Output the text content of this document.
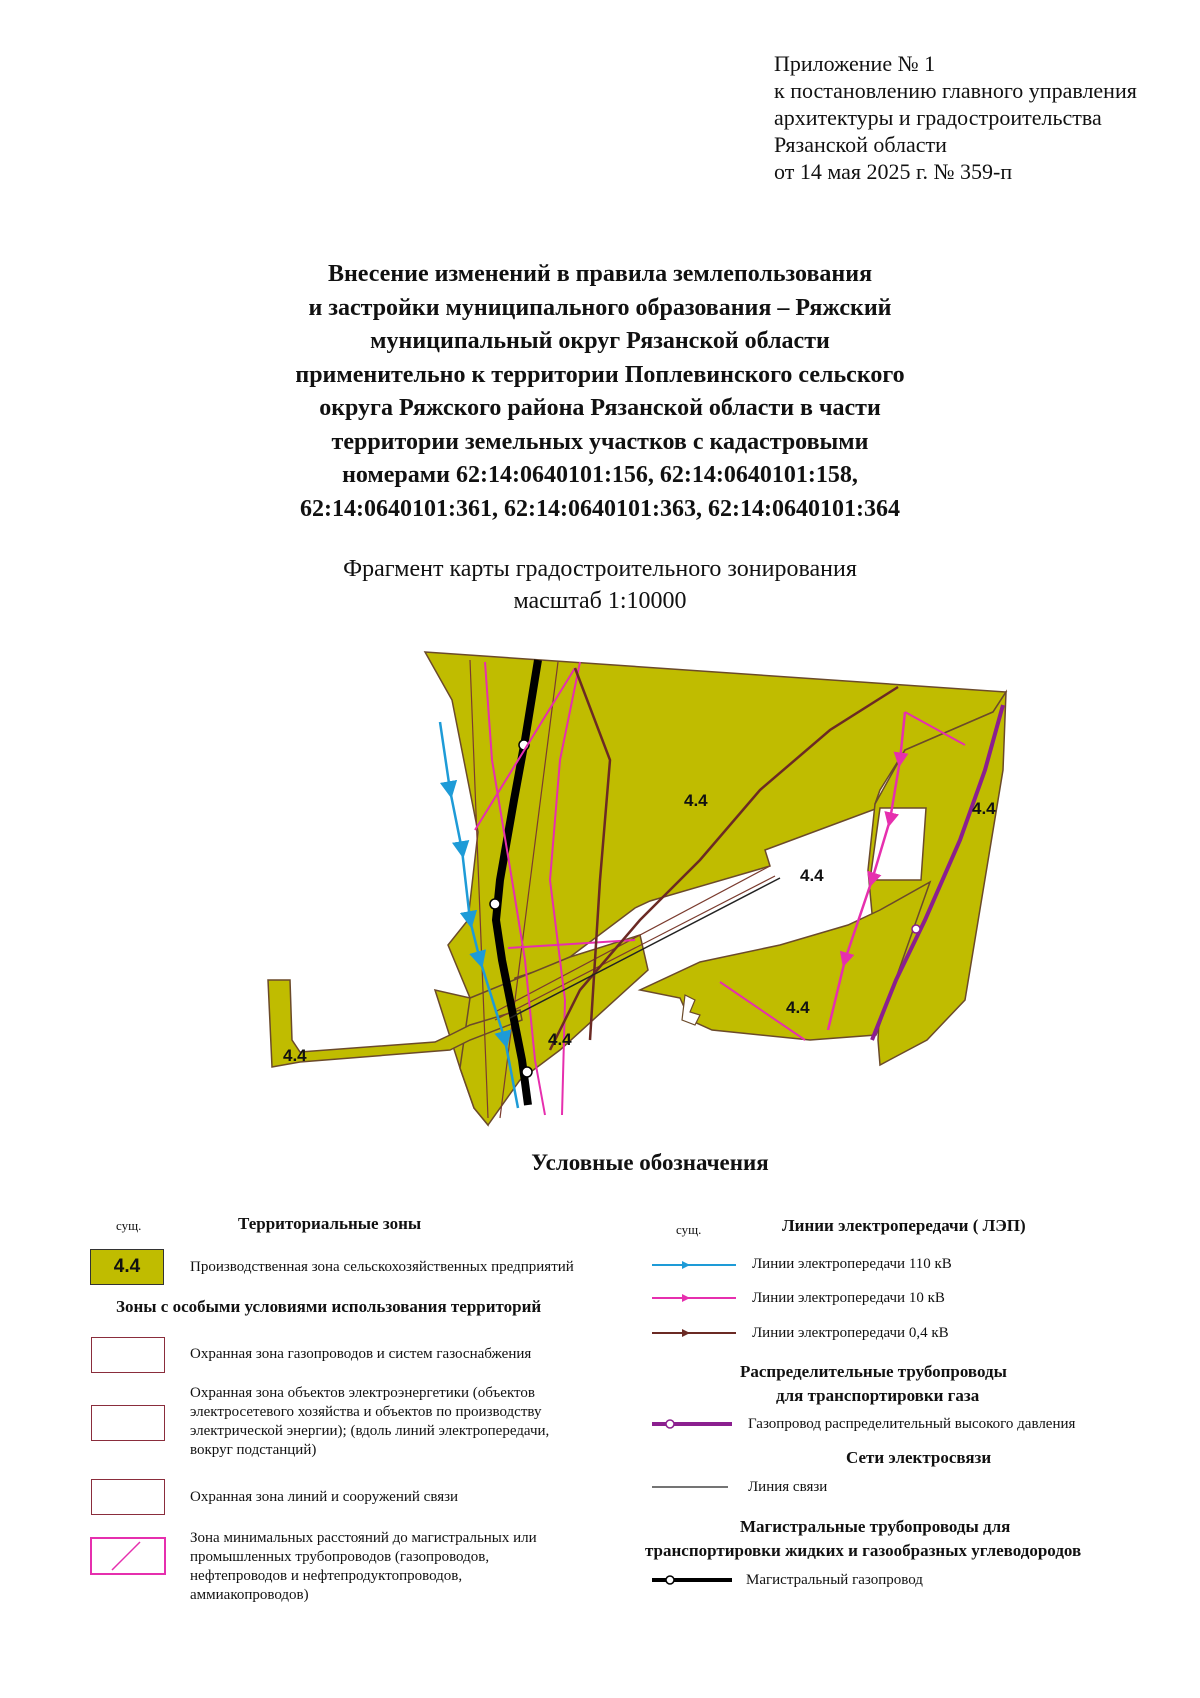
Приложение № 1
к постановлению главного управления
архитектуры и градостроительства
Рязанской области
от 14 мая 2025 г. № 359-п
Внесение изменений в правила землепользования
и застройки муниципального образования – Ряжский
муниципальный округ Рязанской области
применительно к территории Поплевинского сельского
округа Ряжского района Рязанской области в части
территории земельных участков с кадастровыми
номерами 62:14:0640101:156, 62:14:0640101:158,
62:14:0640101:361, 62:14:0640101:363, 62:14:0640101:364
Фрагмент карты градостроительного зонирования
масштаб 1:10000
4.4	4.4
4.4
4.4
4.4
4.4
Условные обозначения
сущ.	Территориальные зоны
4.4	Производственная зона сельскохозяйственных предприятий
Зоны с особыми условиями использования территорий
Охранная зона газопроводов и систем газоснабжения
Охранная зона объектов электроэнергетики (объектов
электросетевого хозяйства и объектов по производству
электрической энергии); (вдоль линий электропередачи,
вокруг подстанций)
Охранная зона линий и сооружений связи
Зона минимальных расстояний до магистральных или
промышленных трубопроводов (газопроводов,
нефтепроводов и нефтепродуктопроводов,
аммиакопроводов)
сущ.	Линии электропередачи ( ЛЭП)
Линии электропередачи 110 кВ
Линии электропередачи 10 кВ
Линии электропередачи 0,4 кВ
Распределительные трубопроводы
для транспортировки газа
Газопровод распределительный высокого давления
Сети электросвязи
Линия связи
Магистральные трубопроводы для
транспортировки жидких и газообразных углеводородов
Магистральный газопровод
